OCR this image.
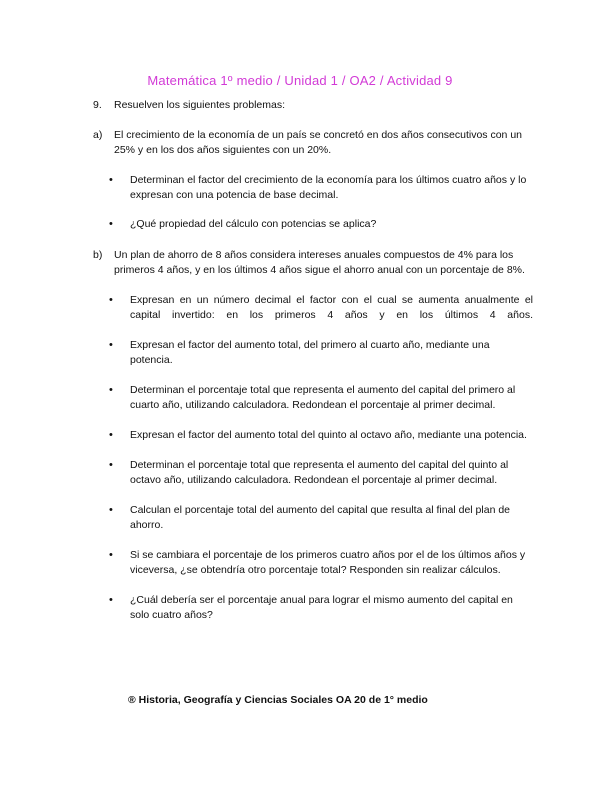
Matemática 1º medio / Unidad 1 / OA2 / Actividad 9
9. Resuelven los siguientes problemas:
a) El crecimiento de la economía de un país se concretó en dos años consecutivos con un 25% y en los dos años siguientes con un 20%.
• Determinan el factor del crecimiento de la economía para los últimos cuatro años y lo expresan con una potencia de base decimal.
• ¿Qué propiedad del cálculo con potencias se aplica?
b) Un plan de ahorro de 8 años considera intereses anuales compuestos de 4% para los primeros 4 años, y en los últimos 4 años sigue el ahorro anual con un porcentaje de 8%.
• Expresan en un número decimal el factor con el cual se aumenta anualmente el capital invertido: en los primeros 4 años y en los últimos 4 años.
• Expresan el factor del aumento total, del primero al cuarto año, mediante una potencia.
• Determinan el porcentaje total que representa el aumento del capital del primero al cuarto año, utilizando calculadora. Redondean el porcentaje al primer decimal.
• Expresan el factor del aumento total del quinto al octavo año, mediante una potencia.
• Determinan el porcentaje total que representa el aumento del capital del quinto al octavo año, utilizando calculadora. Redondean el porcentaje al primer decimal.
• Calculan el porcentaje total del aumento del capital que resulta al final del plan de ahorro.
• Si se cambiara el porcentaje de los primeros cuatro años por el de los últimos años y viceversa, ¿se obtendría otro porcentaje total? Responden sin realizar cálculos.
• ¿Cuál debería ser el porcentaje anual para lograr el mismo aumento del capital en solo cuatro años?
® Historia, Geografía y Ciencias Sociales OA 20 de 1° medio
